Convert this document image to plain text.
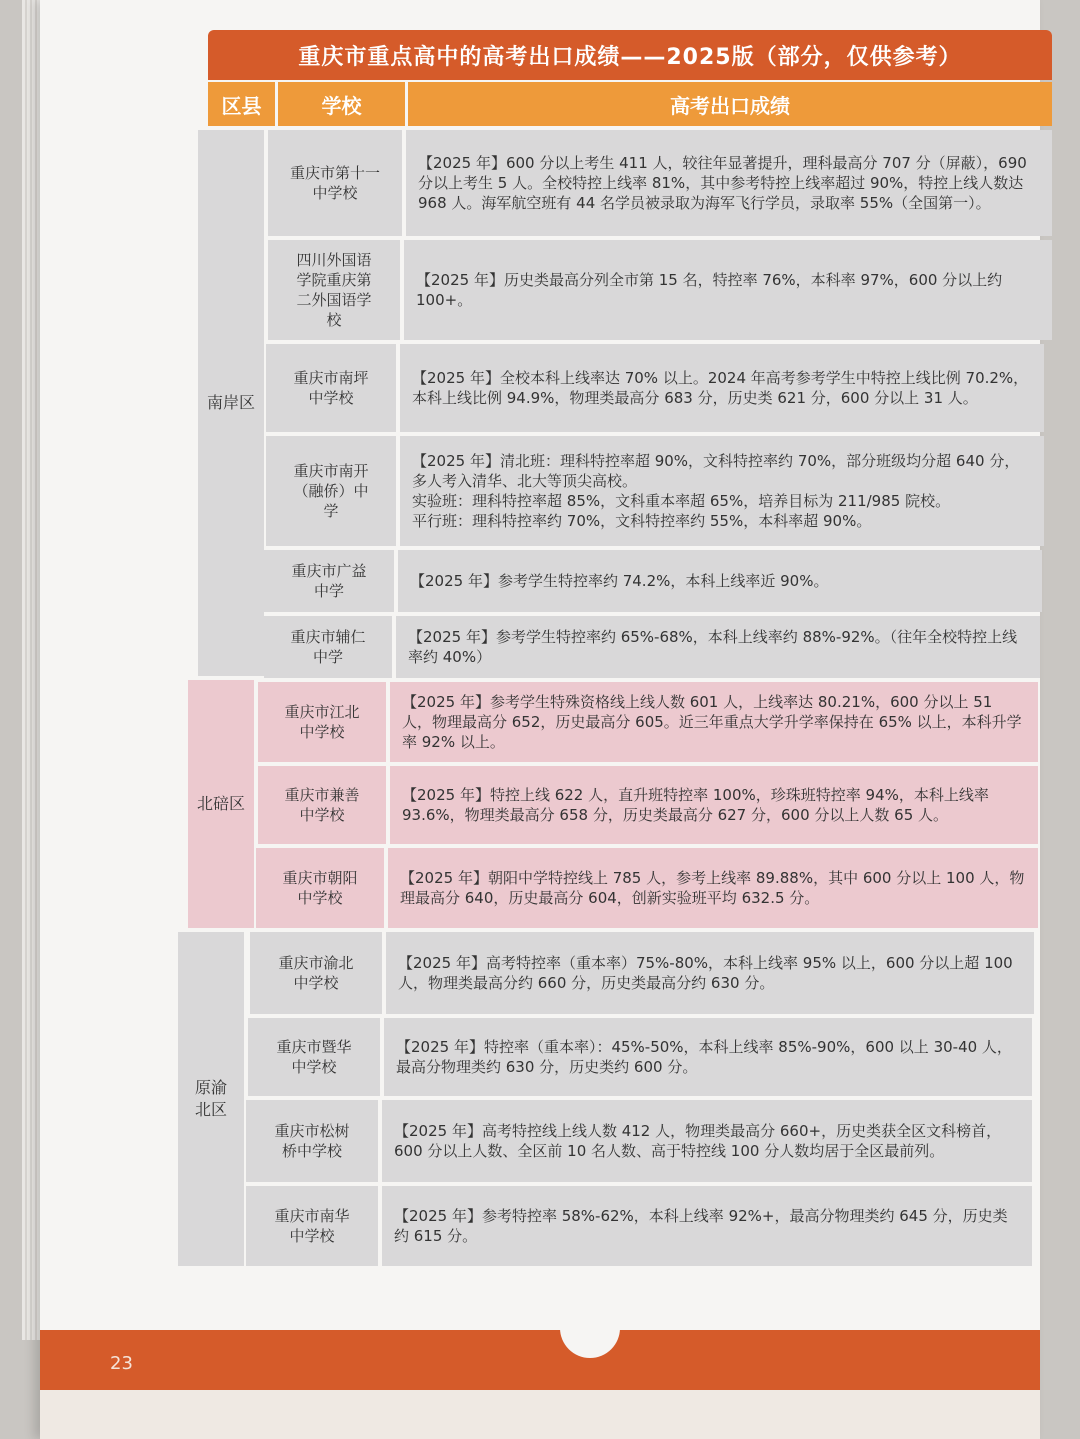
重庆市重点高中的高考出口成绩——2025版（部分，仅供参考）
区县	学校	高考出口成绩
南岸区
北碚区
原渝北区
重庆市第十一中学校
【2025 年】600 分以上考生 411 人，较往年显著提升，理科最高分 707 分（屏蔽），690 分以上考生 5 人。全校特控上线率 81%，其中参考特控上线率超过 90%，特控上线人数达 968 人。海军航空班有 44 名学员被录取为海军飞行学员，录取率 55%（全国第一）。
四川外国语学院重庆第二外国语学校
【2025 年】历史类最高分列全市第 15 名，特控率 76%，本科率 97%，600 分以上约 100+。
重庆市南坪中学校
【2025 年】全校本科上线率达 70% 以上。2024 年高考参考学生中特控上线比例 70.2%，本科上线比例 94.9%，物理类最高分 683 分，历史类 621 分，600 分以上 31 人。
重庆市南开（融侨）中学
【2025 年】清北班：理科特控率超 90%，文科特控率约 70%，部分班级均分超 640 分，多人考入清华、北大等顶尖高校。
实验班：理科特控率超 85%，文科重本率超 65%，培养目标为 211/985 院校。
平行班：理科特控率约 70%，文科特控率约 55%，本科率超 90%。
重庆市广益中学
【2025 年】参考学生特控率约 74.2%，本科上线率近 90%。
重庆市辅仁中学
【2025 年】参考学生特控率约 65%-68%，本科上线率约 88%-92%。（往年全校特控上线率约 40%）
重庆市江北中学校
【2025 年】参考学生特殊资格线上线人数 601 人，上线率达 80.21%，600 分以上 51 人，物理最高分 652，历史最高分 605。近三年重点大学升学率保持在 65% 以上，本科升学率 92% 以上。
重庆市兼善中学校
【2025 年】特控上线 622 人，直升班特控率 100%，珍珠班特控率 94%，本科上线率 93.6%，物理类最高分 658 分，历史类最高分 627 分，600 分以上人数 65 人。
重庆市朝阳中学校
【2025 年】朝阳中学特控线上 785 人，参考上线率 89.88%，其中 600 分以上 100 人，物理最高分 640，历史最高分 604，创新实验班平均 632.5 分。
重庆市渝北中学校
【2025 年】高考特控率（重本率）75%-80%，本科上线率 95% 以上，600 分以上超 100 人，物理类最高分约 660 分，历史类最高分约 630 分。
重庆市暨华中学校
【2025 年】特控率（重本率）：45%-50%，本科上线率 85%-90%，600 以上 30-40 人，最高分物理类约 630 分，历史类约 600 分。
重庆市松树桥中学校
【2025 年】高考特控线上线人数 412 人，物理类最高分 660+，历史类获全区文科榜首，600 分以上人数、全区前 10 名人数、高于特控线 100 分人数均居于全区最前列。
重庆市南华中学校
【2025 年】参考特控率 58%-62%，本科上线率 92%+，最高分物理类约 645 分，历史类约 615 分。
23
